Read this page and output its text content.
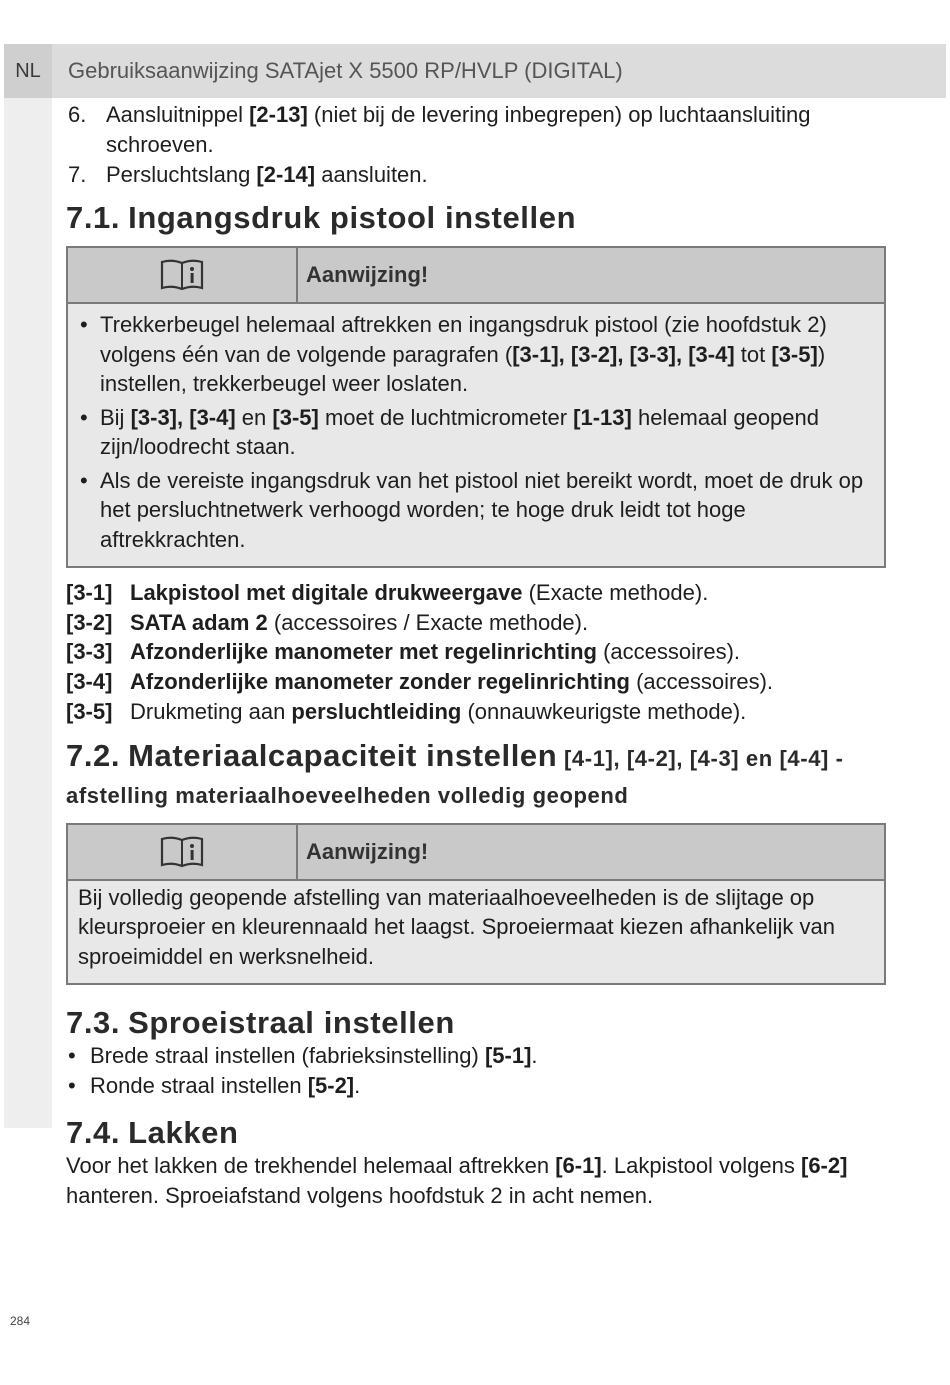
NL	Gebruiksaanwijzing SATAjet X 5500 RP/HVLP (DIGITAL)
6. Aansluitnippel [2-13] (niet bij de levering inbegrepen) op luchtaansluiting schroeven.
7. Persluchtslang [2-14] aansluiten.
7.1. Ingangsdruk pistool instellen
Aanwijzing!
• Trekkerbeugel helemaal aftrekken en ingangsdruk pistool (zie hoofdstuk 2) volgens één van de volgende paragrafen ([3-1], [3-2], [3-3], [3-4] tot [3-5]) instellen, trekkerbeugel weer loslaten.
• Bij [3-3], [3-4] en [3-5] moet de luchtmicrometer [1-13] helemaal geopend zijn/loodrecht staan.
• Als de vereiste ingangsdruk van het pistool niet bereikt wordt, moet de druk op het persluchtnetwerk verhoogd worden; te hoge druk leidt tot hoge aftrekkrachten.
[3-1] Lakpistool met digitale drukweergave (Exacte methode).
[3-2] SATA adam 2 (accessoires / Exacte methode).
[3-3] Afzonderlijke manometer met regelinrichting (accessoires).
[3-4] Afzonderlijke manometer zonder regelinrichting (accessoires).
[3-5] Drukmeting aan persluchtleiding (onnauwkeurigste methode).
7.2. Materiaalcapaciteit instellen [4-1], [4-2], [4-3] en [4-4] - afstelling materiaalhoeveelheden volledig geopend
Aanwijzing!
Bij volledig geopende afstelling van materiaalhoeveelheden is de slijtage op kleursproeier en kleurennaald het laagst. Sproeiermaat kiezen afhankelijk van sproeimiddel en werksnelheid.
7.3. Sproeistraal instellen
• Brede straal instellen (fabrieksinstelling) [5-1].
• Ronde straal instellen [5-2].
7.4. Lakken

Voor het lakken de trekhendel helemaal aftrekken [6-1]. Lakpistool volgens [6-2] hanteren. Sproeiafstand volgens hoofdstuk 2 in acht nemen.

284
